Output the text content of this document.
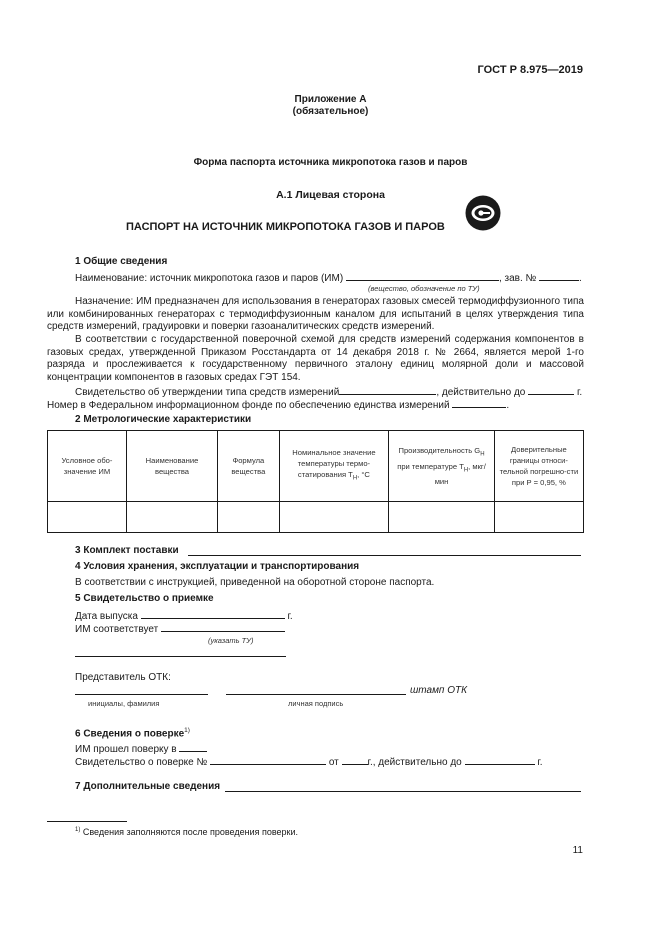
ГОСТ Р 8.975—2019
Приложение А
(обязательное)
Форма паспорта источника микропотока газов и паров
А.1 Лицевая сторона
ПАСПОРТ НА ИСТОЧНИК МИКРОПОТОКА ГАЗОВ И ПАРОВ
1 Общие сведения
Наименование: источник микропотока газов и паров (ИМ)	, зав. №	.
(вещество, обозначение по ТУ)
Назначение: ИМ предназначен для использования в генераторах газовых смесей термодиффузионного типа или комбинированных генераторах с термодиффузионным каналом для испытаний в целях утверждения типа средств измерений, градуировки и поверки газоаналитических средств измерений.
В соответствии с государственной поверочной схемой для средств измерений содержания компонентов в газовых средах, утвержденной Приказом Росстандарта от 14 декабря 2018 г. № 2664, является мерой 1-го разряда и прослеживается к государственному первичного эталону единиц молярной доли и массовой концентрации компонентов в газовых средах ГЭТ 154.
Свидетельство об утверждении типа средств измерений	, действительно до	г.
Номер в Федеральном информационном фонде по обеспечению единства измерений	.
2 Метрологические характеристики
Условное обо-значение ИМ	Наименование вещества	Формула вещества	Номинальное значение температуры термо-статирования $T_Н$, °С	Производительность $G_Н$ при температуре $T_Н$, мкг/мин	Доверительные границы относи-тельной погрешно-сти при P = 0,95, %

3 Комплект поставки
4 Условия хранения, эксплуатации и транспортирования
В соответствии с инструкцией, приведенной на оборотной стороне паспорта.
5 Свидетельство о приемке
Дата выпуска	г.
ИМ соответствует
(указать ТУ)
Представитель ОТК:
штамп ОТК
инициалы, фамилия	личная подпись
6 Сведения о поверке$^{1)}$
ИМ прошел поверку в
Свидетельство о поверке №	от	г., действительно до	г.
7 Дополнительные сведения
$^{1)}$ Сведения заполняются после проведения поверки.
11
